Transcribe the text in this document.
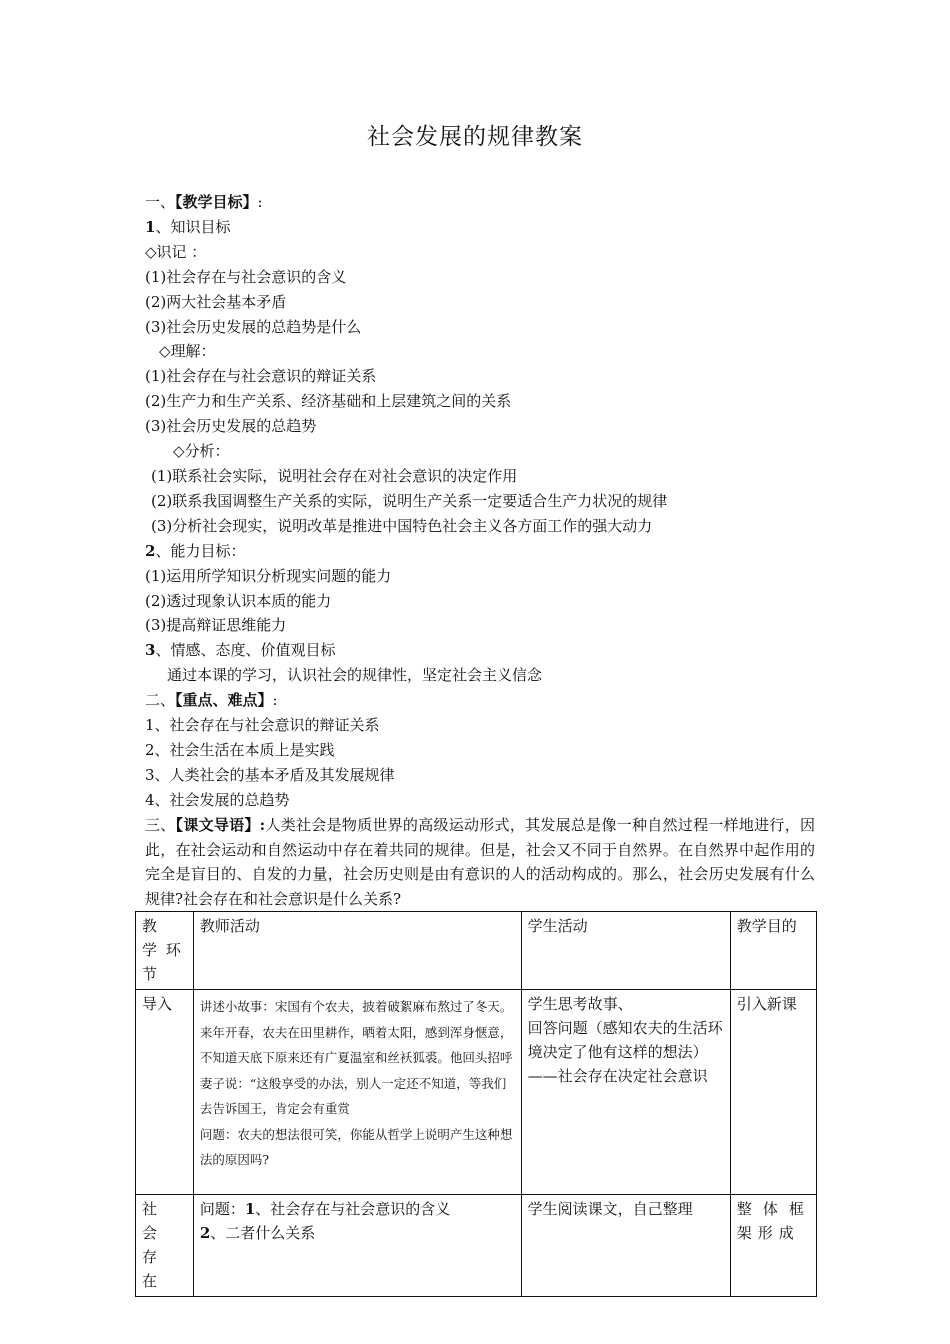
社会发展的规律教案
一、【教学目标】:
1、知识目标
◇识记 ：
(1)社会存在与社会意识的含义
(2)两大社会基本矛盾
(3)社会历史发展的总趋势是什么
◇理解：
(1)社会存在与社会意识的辩证关系
(2)生产力和生产关系、经济基础和上层建筑之间的关系
(3)社会历史发展的总趋势
◇分析：
(1)联系社会实际，说明社会存在对社会意识的决定作用
(2)联系我国调整生产关系的实际，说明生产关系一定要适合生产力状况的规律
(3)分析社会现实，说明改革是推进中国特色社会主义各方面工作的强大动力
2、能力目标：
(1)运用所学知识分析现实问题的能力
(2)透过现象认识本质的能力
(3)提高辩证思维能力
3、情感、态度、价值观目标
通过本课的学习，认识社会的规律性，坚定社会主义信念
二、【重点、难点】:
1、社会存在与社会意识的辩证关系
2、社会生活在本质上是实践
3、人类社会的基本矛盾及其发展规律
4、社会发展的总趋势
三、【课文导语】:人类社会是物质世界的高级运动形式，其发展总是像一种自然过程一样地进行，因此，在社会运动和自然运动中存在着共同的规律。但是，社会又不同于自然界。在自然界中起作用的完全是盲目的、自发的力量，社会历史则是由有意识的人的活动构成的。那么，社会历史发展有什么规律?社会存在和社会意识是什么关系?
教 学环节	教师活动	学生活动	教学目的
导入	讲述小故事：宋国有个农夫，披着破絮麻布熬过了冬天。来年开春，农夫在田里耕作，晒着太阳，感到浑身惬意，不知道天底下原来还有广夏温室和丝袄狐裘。他回头招呼妻子说：“这般享受的办法，别人一定还不知道，等我们去告诉国王，肯定会有重赏
问题：农夫的想法很可笑，你能从哲学上说明产生这种想法的原因吗?	学生思考故事、
回答问题（感知农夫的生活环境决定了他有这样的想法）
——社会存在决定社会意识	引入新课
社 会 存 在	问题：1、社会存在与社会意识的含义
2、二者什么关系	学生阅读课文，自己整理	整体框架形成
